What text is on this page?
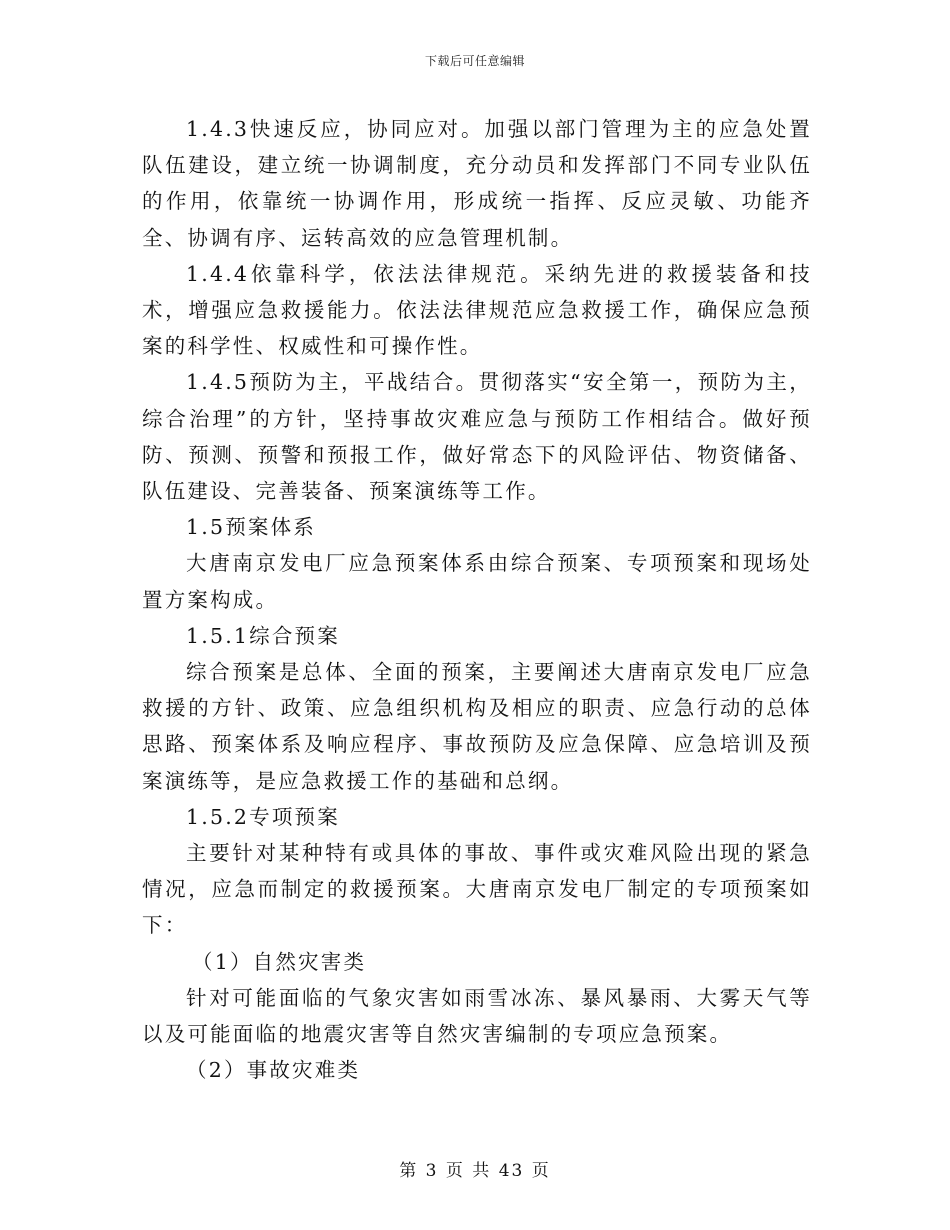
下载后可任意编辑

1.4.3快速反应，协同应对。加强以部门管理为主的应急处置队伍建设，建立统一协调制度，充分动员和发挥部门不同专业队伍的作用，依靠统一协调作用，形成统一指挥、反应灵敏、功能齐全、协调有序、运转高效的应急管理机制。

1.4.4依靠科学，依法法律规范。采纳先进的救援装备和技术，增强应急救援能力。依法法律规范应急救援工作，确保应急预案的科学性、权威性和可操作性。

1.4.5预防为主，平战结合。贯彻落实“安全第一，预防为主，综合治理”的方针，坚持事故灾难应急与预防工作相结合。做好预防、预测、预警和预报工作，做好常态下的风险评估、物资储备、队伍建设、完善装备、预案演练等工作。

1.5预案体系

大唐南京发电厂应急预案体系由综合预案、专项预案和现场处置方案构成。

1.5.1综合预案

综合预案是总体、全面的预案，主要阐述大唐南京发电厂应急救援的方针、政策、应急组织机构及相应的职责、应急行动的总体思路、预案体系及响应程序、事故预防及应急保障、应急培训及预案演练等，是应急救援工作的基础和总纲。

1.5.2专项预案

主要针对某种特有或具体的事故、事件或灾难风险出现的紧急情况，应急而制定的救援预案。大唐南京发电厂制定的专项预案如下：

（1）自然灾害类

针对可能面临的气象灾害如雨雪冰冻、暴风暴雨、大雾天气等以及可能面临的地震灾害等自然灾害编制的专项应急预案。

（2）事故灾难类

第 3 页 共 43 页
